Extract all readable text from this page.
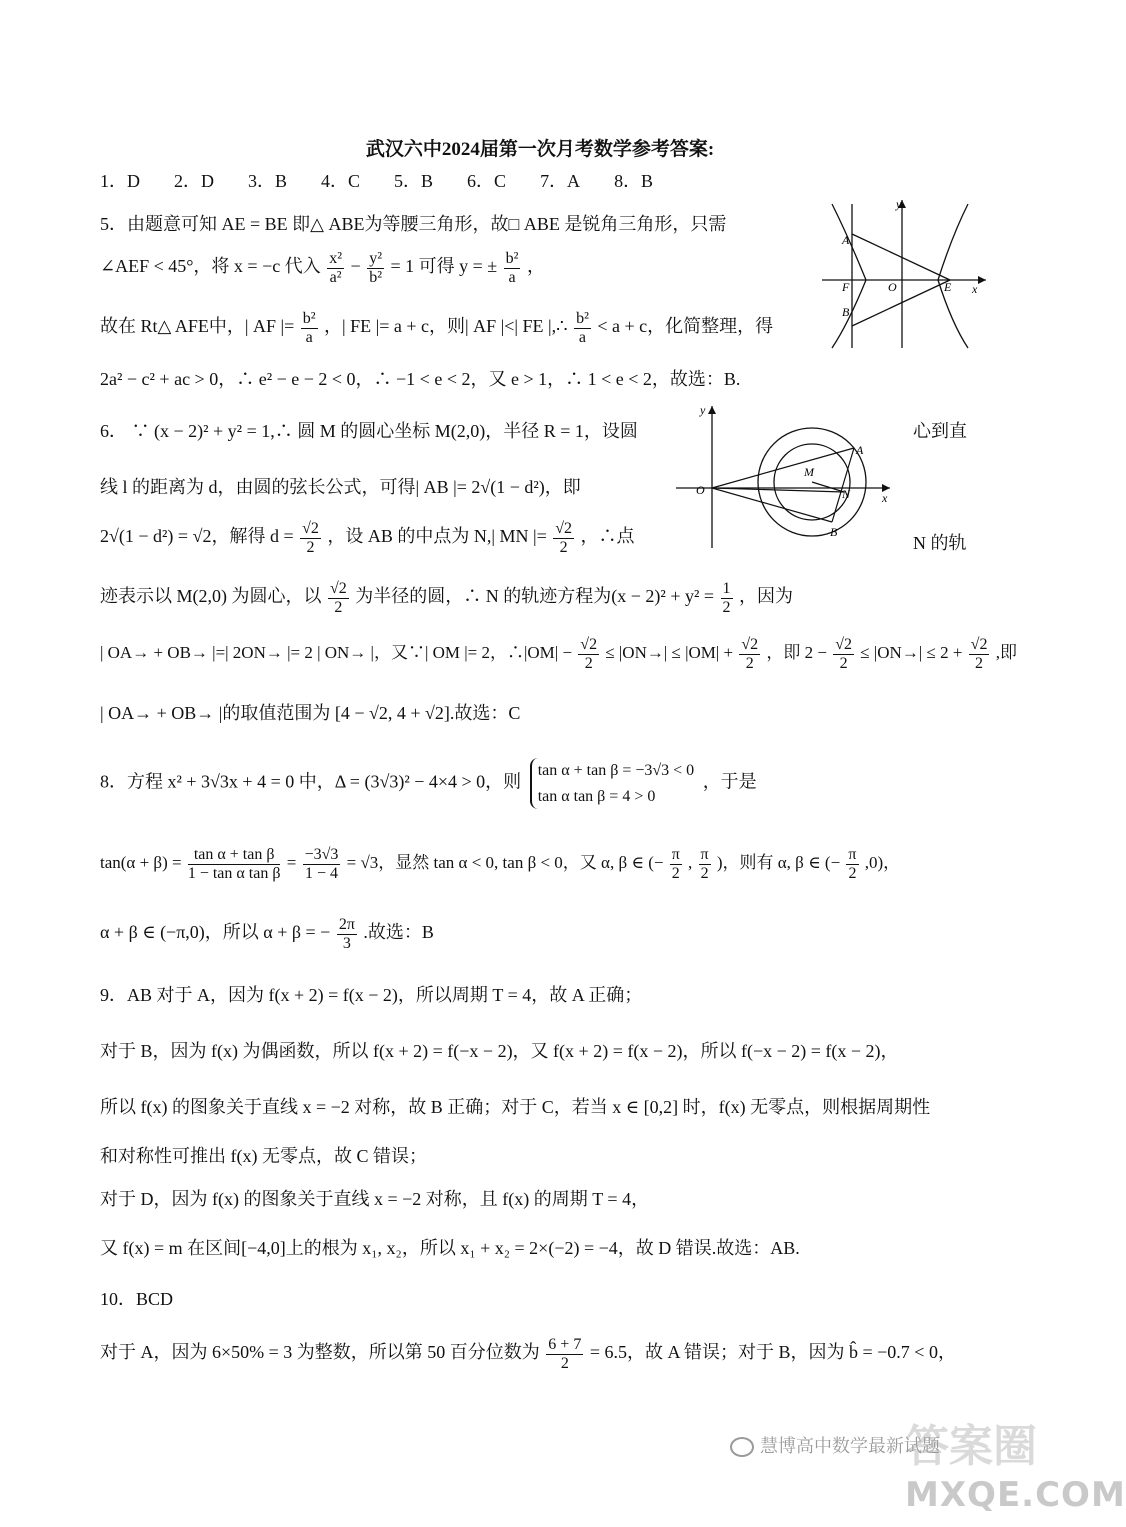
武汉六中2024届第一次月考数学参考答案:
1．D 2．D 3．B 4．C 5．B 6．C 7．A 8．B
5．由题意可知 AE = BE 即△ ABE为等腰三角形，故□ ABE 是锐角三角形，只需
∠AEF < 45°，将 x = −c 代入 $\frac{\text{x²}}{\text{a²}} - \frac{\text{y²}}{\text{b²}} = 1$ 可得 y = ± $\frac{\text{b²}}{a}$ ，
故在 Rt△ AFE中，| AF |= $\frac{\text{b²}}{a}$ ，| FE |= a + c，则| AF |<| FE |,∴ $\frac{\text{b²}}{a} < a + c$，化简整理，得
2a² − c² + ac > 0，∴ e² − e − 2 < 0，∴ −1 < e < 2，又 e > 1，∴ 1 < e < 2，故选：B.
y
x
A
F	O	E
B
6． ∵ (x − 2)² + y² = 1,∴ 圆 M 的圆心坐标 M(2,0)，半径 R = 1，设圆	心到直
线 l 的距离为 d，由圆的弦长公式，可得| AB |= 2√(1 − d²)，即
2√(1 − d²) = √2，解得 $d = \frac{√2}{2}$ ，设 AB 的中点为 N,| MN |= $\frac{√2}{2}$ ，∴点	N 的轨
迹表示以 M(2,0) 为圆心，以 $\frac{√2}{2}$ 为半径的圆，∴ N 的轨迹方程为$(x - 2)^2 + y^2 = \frac{1}{2}$ ，因为
| OA→ + OB→ |=| 2ON→ |= 2 | ON→ |，又∵| OM |= 2，∴|OM| − $\frac{√2}{2} \le |ON\to| \le |OM| + \frac{√2}{2}$ ，即 $2 - \frac{√2}{2} \le |ON\to| \le 2 + \frac{√2}{2}$ ,即
| OA→ + OB→ |的取值范围为 [4 − √2, 4 + √2].故选：C
y
x
O
M
A
N
B
8．方程 x² + 3√3x + 4 = 0 中，Δ = (3√3)² − 4×4 > 0，则
tan α + tan β = −3√3 < 0
tan α tan β = 4 > 0
，于是
$\tan(\alpha + \beta) = \frac{\text{tan α + tan β}}{\text{1 − tan α tan β}} = \frac{-3√3}{1 - 4} = √3$，显然 tan α < 0, tan β < 0，又 α, β ∈ (− $\frac{\pi}{2}$ , $\frac{\pi}{2}$ )，则有 α, β ∈ (− $\frac{\pi}{2} ,0$)，
α + β ∈ (−π,0)，所以 α + β = − $\frac{2\pi}{3}$ .故选：B
9．AB 对于 A，因为 f(x + 2) = f(x − 2)，所以周期 T = 4，故 A 正确；
对于 B，因为 f(x) 为偶函数，所以 f(x + 2) = f(−x − 2)，又 f(x + 2) = f(x − 2)，所以 f(−x − 2) = f(x − 2)，
所以 f(x) 的图象关于直线 x = −2 对称，故 B 正确；对于 C，若当 x ∈ [0,2] 时，f(x) 无零点，则根据周期性
和对称性可推出 f(x) 无零点，故 C 错误；
对于 D，因为 f(x) 的图象关于直线 x = −2 对称，且 f(x) 的周期 T = 4，
又 f(x) = m 在区间[−4,0]上的根为 x₁, x₂，所以 x₁ + x₂ = 2×(−2) = −4，故 D 错误.故选：AB.
10．BCD
对于 A，因为 6×50% = 3 为整数，所以第 50 百分位数为 $\frac{6 + 7}{2} = 6.5$，故 A 错误；对于 B，因为 b̂ = −0.7 < 0，
答案圈
慧博高中数学最新试题
MXQE.COM
